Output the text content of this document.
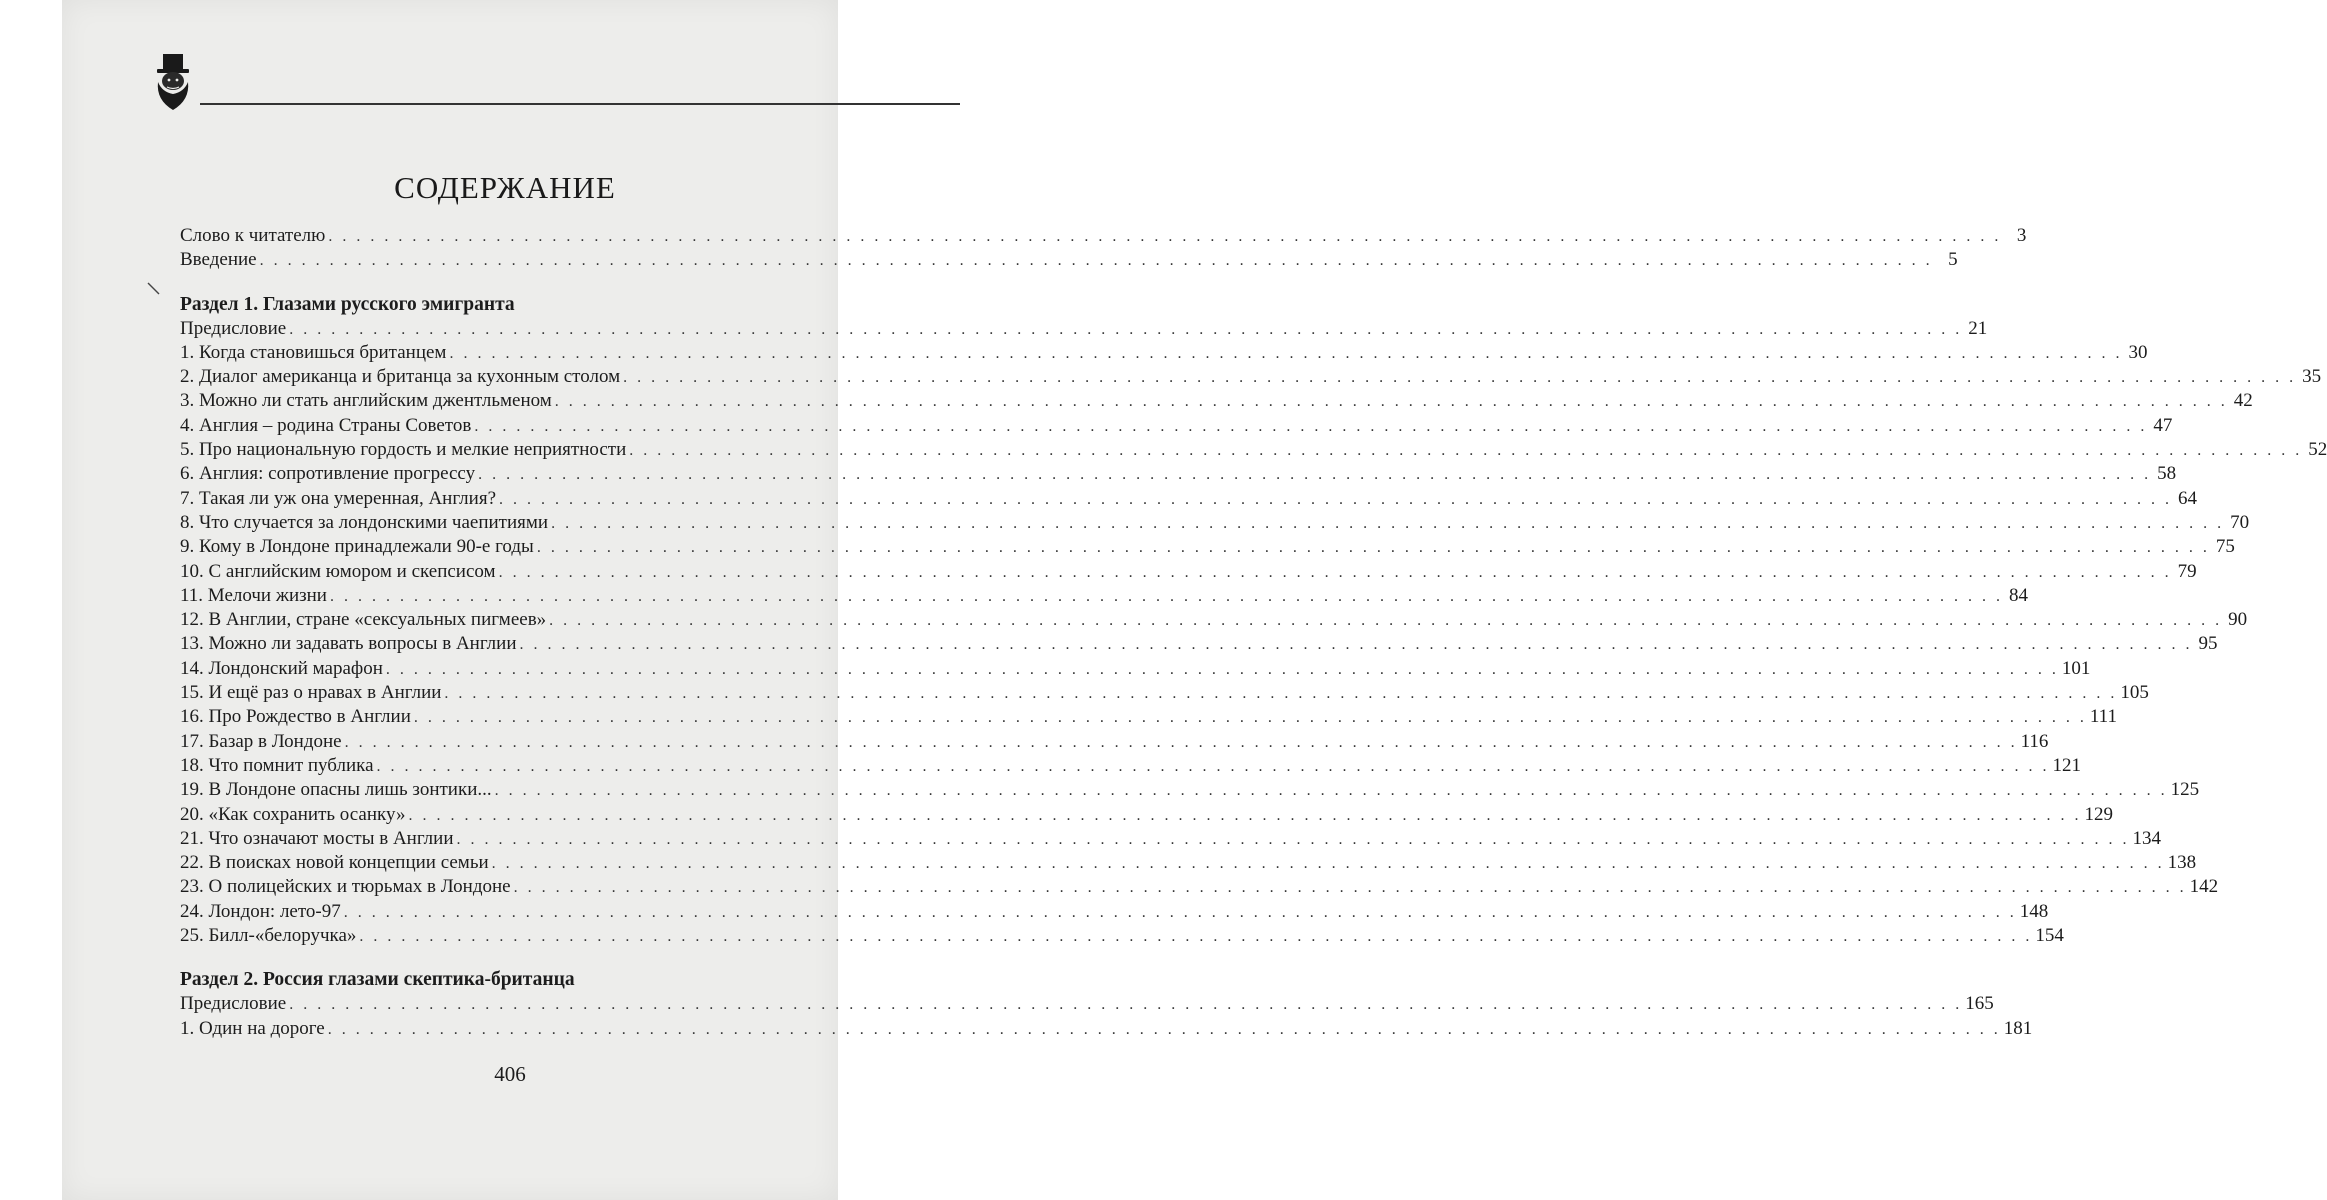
СОДЕРЖАНИЕ
Слово к читателю . . . . . . . . . . . . . . . . . . . . . . . . . . . . . . . . . . . . . . . . . . . . . . . . . . . . . . . . . . . . . . . . . . . . . . . . . . . . . . . . . . . . . . . . . . . . . . . . . . . . . . . . . . . . . . . . . . . . . . . . 3
Введение . . . . . . . . . . . . . . . . . . . . . . . . . . . . . . . . . . . . . . . . . . . . . . . . . . . . . . . . . . . . . . . . . . . . . . . . . . . . . . . . . . . . . . . . . . . . . . . . . . . . . . . . . . . . . . . . . . . . . . . . 5
Раздел 1. Глазами русского эмигранта
Предисловие . . . . . . . . . . . . . . . . . . . . . . . . . . . . . . . . . . . . . . . . . . . . . . . . . . . . . . . . . . . . . . . . . . . . . . . . . . . . . . . . . . . . . . . . . . . . . . . . . . . . . . . . . . . . . . . . . . . . . . . . 21
1. Когда становишься британцем . . . . . . . . . . . . . . . . . . . . . . . . . . . . . . . . . . . . . . . . . . . . . . . . . . . . . . . . . . . . . . . . . . . . . . . . . . . . . . . . . . . . . . . . . . . . . . . . . . . . . . . . . . . . . . . . . . . . . . . . 30
2. Диалог американца и британца за кухонным столом . . . . . . . . . . . . . . . . . . . . . . . . . . . . . . . . . . . . . . . . . . . . . . . . . . . . . . . . . . . . . . . . . . . . . . . . . . . . . . . . . . . . . . . . . . . . . . . . . . . . . . . . . . . . . . . . . . . . . . . . 35
3. Можно ли стать английским джентльменом . . . . . . . . . . . . . . . . . . . . . . . . . . . . . . . . . . . . . . . . . . . . . . . . . . . . . . . . . . . . . . . . . . . . . . . . . . . . . . . . . . . . . . . . . . . . . . . . . . . . . . . . . . . . . . . . . . . . . . . . 42
4. Англия – родина Страны Советов . . . . . . . . . . . . . . . . . . . . . . . . . . . . . . . . . . . . . . . . . . . . . . . . . . . . . . . . . . . . . . . . . . . . . . . . . . . . . . . . . . . . . . . . . . . . . . . . . . . . . . . . . . . . . . . . . . . . . . . . 47
5. Про национальную гордость и мелкие неприятности . . . . . . . . . . . . . . . . . . . . . . . . . . . . . . . . . . . . . . . . . . . . . . . . . . . . . . . . . . . . . . . . . . . . . . . . . . . . . . . . . . . . . . . . . . . . . . . . . . . . . . . . . . . . . . . . . . . . . . . . 52
6. Англия: сопротивление прогрессу . . . . . . . . . . . . . . . . . . . . . . . . . . . . . . . . . . . . . . . . . . . . . . . . . . . . . . . . . . . . . . . . . . . . . . . . . . . . . . . . . . . . . . . . . . . . . . . . . . . . . . . . . . . . . . . . . . . . . . . . 58
7. Такая ли уж она умеренная, Англия? . . . . . . . . . . . . . . . . . . . . . . . . . . . . . . . . . . . . . . . . . . . . . . . . . . . . . . . . . . . . . . . . . . . . . . . . . . . . . . . . . . . . . . . . . . . . . . . . . . . . . . . . . . . . . . . . . . . . . . . . 64
8. Что случается за лондонскими чаепитиями . . . . . . . . . . . . . . . . . . . . . . . . . . . . . . . . . . . . . . . . . . . . . . . . . . . . . . . . . . . . . . . . . . . . . . . . . . . . . . . . . . . . . . . . . . . . . . . . . . . . . . . . . . . . . . . . . . . . . . . . 70
9. Кому в Лондоне принадлежали 90-е годы . . . . . . . . . . . . . . . . . . . . . . . . . . . . . . . . . . . . . . . . . . . . . . . . . . . . . . . . . . . . . . . . . . . . . . . . . . . . . . . . . . . . . . . . . . . . . . . . . . . . . . . . . . . . . . . . . . . . . . . . 75
10. С английским юмором и скепсисом . . . . . . . . . . . . . . . . . . . . . . . . . . . . . . . . . . . . . . . . . . . . . . . . . . . . . . . . . . . . . . . . . . . . . . . . . . . . . . . . . . . . . . . . . . . . . . . . . . . . . . . . . . . . . . . . . . . . . . . . 79
11. Мелочи жизни . . . . . . . . . . . . . . . . . . . . . . . . . . . . . . . . . . . . . . . . . . . . . . . . . . . . . . . . . . . . . . . . . . . . . . . . . . . . . . . . . . . . . . . . . . . . . . . . . . . . . . . . . . . . . . . . . . . . . . . . 84
12. В Англии, стране «сексуальных пигмеев» . . . . . . . . . . . . . . . . . . . . . . . . . . . . . . . . . . . . . . . . . . . . . . . . . . . . . . . . . . . . . . . . . . . . . . . . . . . . . . . . . . . . . . . . . . . . . . . . . . . . . . . . . . . . . . . . . . . . . . . . 90
13. Можно ли задавать вопросы в Англии . . . . . . . . . . . . . . . . . . . . . . . . . . . . . . . . . . . . . . . . . . . . . . . . . . . . . . . . . . . . . . . . . . . . . . . . . . . . . . . . . . . . . . . . . . . . . . . . . . . . . . . . . . . . . . . . . . . . . . . . 95
14. Лондонский марафон . . . . . . . . . . . . . . . . . . . . . . . . . . . . . . . . . . . . . . . . . . . . . . . . . . . . . . . . . . . . . . . . . . . . . . . . . . . . . . . . . . . . . . . . . . . . . . . . . . . . . . . . . . . . . . . . . . . . . . . . 101
15. И ещё раз о нравах в Англии . . . . . . . . . . . . . . . . . . . . . . . . . . . . . . . . . . . . . . . . . . . . . . . . . . . . . . . . . . . . . . . . . . . . . . . . . . . . . . . . . . . . . . . . . . . . . . . . . . . . . . . . . . . . . . . . . . . . . . . . 105
16. Про Рождество в Англии . . . . . . . . . . . . . . . . . . . . . . . . . . . . . . . . . . . . . . . . . . . . . . . . . . . . . . . . . . . . . . . . . . . . . . . . . . . . . . . . . . . . . . . . . . . . . . . . . . . . . . . . . . . . . . . . . . . . . . . . 111
17. Базар в Лондоне . . . . . . . . . . . . . . . . . . . . . . . . . . . . . . . . . . . . . . . . . . . . . . . . . . . . . . . . . . . . . . . . . . . . . . . . . . . . . . . . . . . . . . . . . . . . . . . . . . . . . . . . . . . . . . . . . . . . . . . . 116
18. Что помнит публика . . . . . . . . . . . . . . . . . . . . . . . . . . . . . . . . . . . . . . . . . . . . . . . . . . . . . . . . . . . . . . . . . . . . . . . . . . . . . . . . . . . . . . . . . . . . . . . . . . . . . . . . . . . . . . . . . . . . . . . . 121
19. В Лондоне опасны лишь зонтики... . . . . . . . . . . . . . . . . . . . . . . . . . . . . . . . . . . . . . . . . . . . . . . . . . . . . . . . . . . . . . . . . . . . . . . . . . . . . . . . . . . . . . . . . . . . . . . . . . . . . . . . . . . . . . . . . . . . . . . . . 125
20. «Как сохранить осанку» . . . . . . . . . . . . . . . . . . . . . . . . . . . . . . . . . . . . . . . . . . . . . . . . . . . . . . . . . . . . . . . . . . . . . . . . . . . . . . . . . . . . . . . . . . . . . . . . . . . . . . . . . . . . . . . . . . . . . . . . 129
21. Что означают мосты в Англии . . . . . . . . . . . . . . . . . . . . . . . . . . . . . . . . . . . . . . . . . . . . . . . . . . . . . . . . . . . . . . . . . . . . . . . . . . . . . . . . . . . . . . . . . . . . . . . . . . . . . . . . . . . . . . . . . . . . . . . . 134
22. В поисках новой концепции семьи . . . . . . . . . . . . . . . . . . . . . . . . . . . . . . . . . . . . . . . . . . . . . . . . . . . . . . . . . . . . . . . . . . . . . . . . . . . . . . . . . . . . . . . . . . . . . . . . . . . . . . . . . . . . . . . . . . . . . . . . 138
23. О полицейских и тюрьмах в Лондоне . . . . . . . . . . . . . . . . . . . . . . . . . . . . . . . . . . . . . . . . . . . . . . . . . . . . . . . . . . . . . . . . . . . . . . . . . . . . . . . . . . . . . . . . . . . . . . . . . . . . . . . . . . . . . . . . . . . . . . . . 142
24. Лондон: лето-97 . . . . . . . . . . . . . . . . . . . . . . . . . . . . . . . . . . . . . . . . . . . . . . . . . . . . . . . . . . . . . . . . . . . . . . . . . . . . . . . . . . . . . . . . . . . . . . . . . . . . . . . . . . . . . . . . . . . . . . . . 148
25. Билл-«белоручка» . . . . . . . . . . . . . . . . . . . . . . . . . . . . . . . . . . . . . . . . . . . . . . . . . . . . . . . . . . . . . . . . . . . . . . . . . . . . . . . . . . . . . . . . . . . . . . . . . . . . . . . . . . . . . . . . . . . . . . . . 154
Раздел 2. Россия глазами скептика-британца
Предисловие . . . . . . . . . . . . . . . . . . . . . . . . . . . . . . . . . . . . . . . . . . . . . . . . . . . . . . . . . . . . . . . . . . . . . . . . . . . . . . . . . . . . . . . . . . . . . . . . . . . . . . . . . . . . . . . . . . . . . . . . 165
1. Один на дороге . . . . . . . . . . . . . . . . . . . . . . . . . . . . . . . . . . . . . . . . . . . . . . . . . . . . . . . . . . . . . . . . . . . . . . . . . . . . . . . . . . . . . . . . . . . . . . . . . . . . . . . . . . . . . . . . . . . . . . . . 181
406
